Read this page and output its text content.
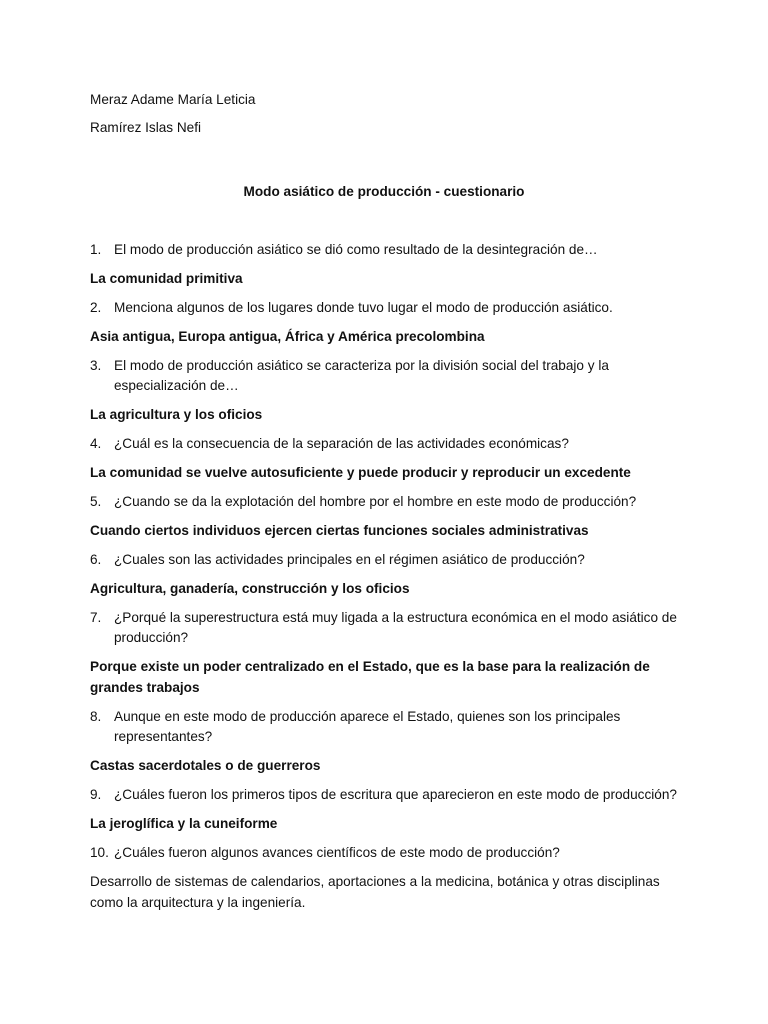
Meraz Adame María Leticia

Ramírez Islas Nefi

Modo asiático de producción - cuestionario

1. El modo de producción asiático se dió como resultado de la desintegración de…

La comunidad primitiva

2. Menciona algunos de los lugares donde tuvo lugar el modo de producción asiático.

Asia antigua, Europa antigua, África y América precolombina

3. El modo de producción asiático se caracteriza por la división social del trabajo y la especialización de…

La agricultura y los oficios

4. ¿Cuál es la consecuencia de la separación de las actividades económicas?

La comunidad se vuelve autosuficiente y puede producir y reproducir un excedente

5. ¿Cuando se da la explotación del hombre por el hombre en este modo de producción?

Cuando ciertos individuos ejercen ciertas funciones sociales administrativas

6. ¿Cuales son las actividades principales en el régimen asiático de producción?

Agricultura, ganadería, construcción y los oficios

7. ¿Porqué la superestructura está muy ligada a la estructura económica en el modo asiático de producción?

Porque existe un poder centralizado en el Estado, que es la base para la realización de grandes trabajos

8. Aunque en este modo de producción aparece el Estado, quienes son los principales representantes?

Castas sacerdotales o de guerreros

9. ¿Cuáles fueron los primeros tipos de escritura que aparecieron en este modo de producción?

La jeroglífica y la cuneiforme

10. ¿Cuáles fueron algunos avances científicos de este modo de producción?

Desarrollo de sistemas de calendarios, aportaciones a la medicina, botánica y otras disciplinas como la arquitectura y la ingeniería.
